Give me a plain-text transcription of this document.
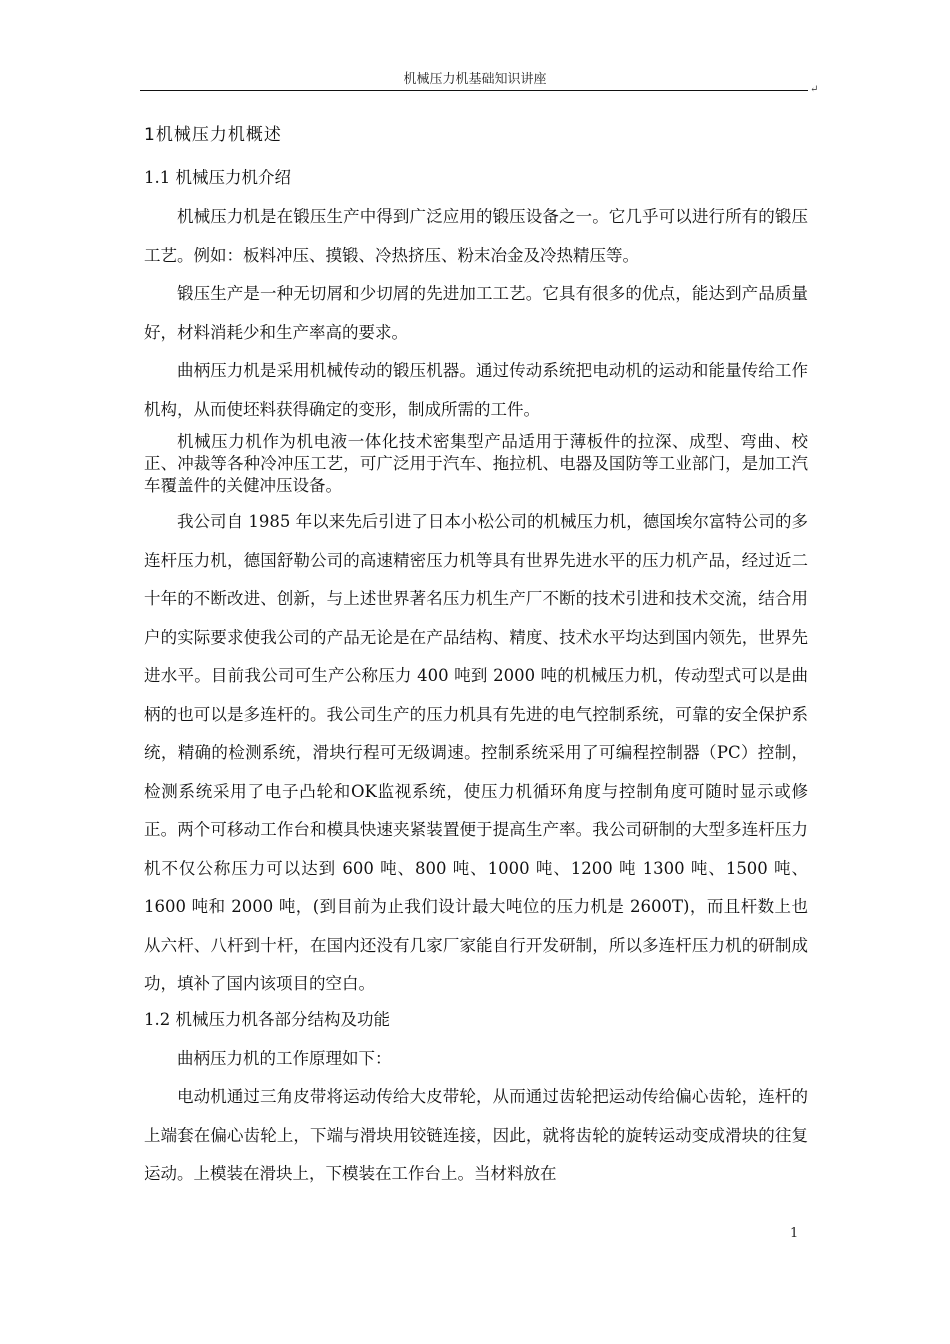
机械压力机基础知识讲座
↵
1机械压力机概述
1.1 机械压力机介绍

机械压力机是在锻压生产中得到广泛应用的锻压设备之一。它几乎可以进行所有的锻压工艺。例如：板料冲压、摸锻、冷热挤压、粉末冶金及冷热精压等。

锻压生产是一种无切屑和少切屑的先进加工工艺。它具有很多的优点，能达到产品质量好，材料消耗少和生产率高的要求。

曲柄压力机是采用机械传动的锻压机器。通过传动系统把电动机的运动和能量传给工作机构，从而使坯料获得确定的变形，制成所需的工件。

机械压力机作为机电液一体化技术密集型产品适用于薄板件的拉深、成型、弯曲、校正、冲裁等各种冷冲压工艺，可广泛用于汽车、拖拉机、电器及国防等工业部门，是加工汽车覆盖件的关健冲压设备。

我公司自 1985 年以来先后引进了日本小松公司的机械压力机，德国埃尔富特公司的多连杆压力机，德国舒勒公司的高速精密压力机等具有世界先进水平的压力机产品，经过近二十年的不断改进、创新，与上述世界著名压力机生产厂不断的技术引进和技术交流，结合用户的实际要求使我公司的产品无论是在产品结构、精度、技术水平均达到国内领先，世界先进水平。目前我公司可生产公称压力 400 吨到 2000 吨的机械压力机，传动型式可以是曲柄的也可以是多连杆的。我公司生产的压力机具有先进的电气控制系统，可靠的安全保护系统，精确的检测系统，滑块行程可无级调速。控制系统采用了可编程控制器（PC）控制，检测系统采用了电子凸轮和OK监视系统，使压力机循环角度与控制角度可随时显示或修正。两个可移动工作台和模具快速夹紧装置便于提高生产率。我公司研制的大型多连杆压力机不仅公称压力可以达到 600 吨、800 吨、1000 吨、1200 吨 1300 吨、1500 吨、1600 吨和 2000 吨，(到目前为止我们设计最大吨位的压力机是 2600T)，而且杆数上也从六杆、八杆到十杆，在国内还没有几家厂家能自行开发研制，所以多连杆压力机的研制成功，填补了国内该项目的空白。

1.2 机械压力机各部分结构及功能

曲柄压力机的工作原理如下：

电动机通过三角皮带将运动传给大皮带轮，从而通过齿轮把运动传给偏心齿轮，连杆的上端套在偏心齿轮上，下端与滑块用铰链连接，因此，就将齿轮的旋转运动变成滑块的往复运动。上模装在滑块上，下模装在工作台上。当材料放在

1
